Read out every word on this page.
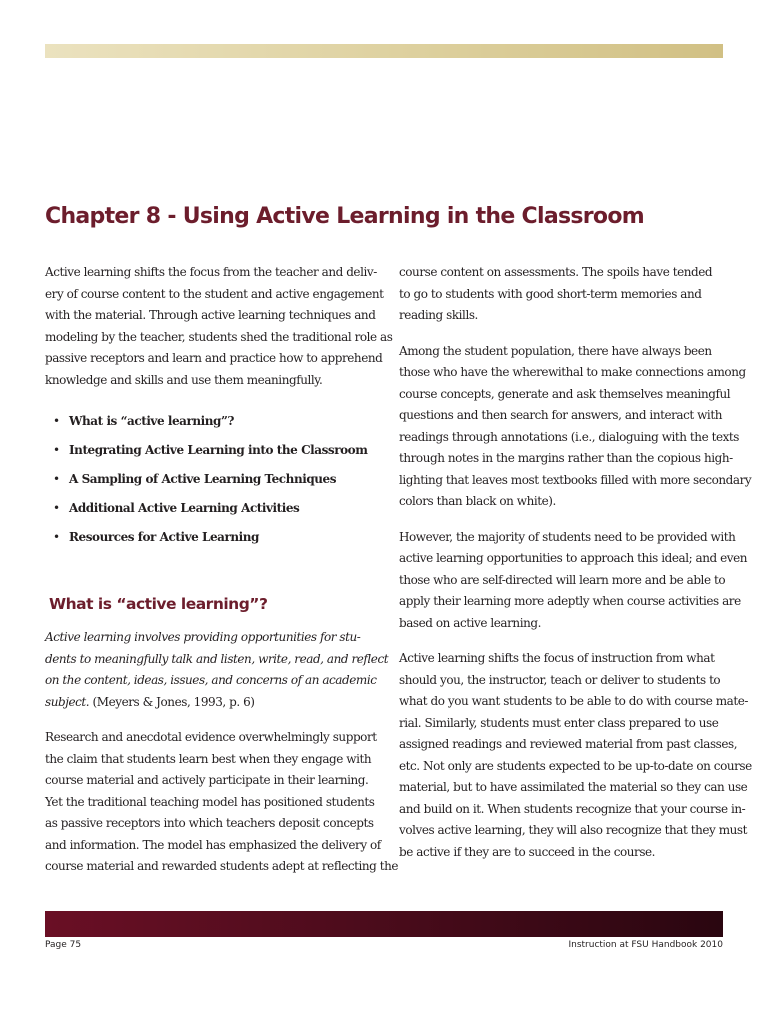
Chapter 8 - Using Active Learning in the Classroom

Active learning shifts the focus from the teacher and deliv-
ery of course content to the student and active engagement
with the material. Through active learning techniques and
modeling by the teacher, students shed the traditional role as
passive receptors and learn and practice how to apprehend
knowledge and skills and use them meaningfully.

• What is “active learning”?
• Integrating Active Learning into the Classroom
• A Sampling of Active Learning Techniques
• Additional Active Learning Activities
• Resources for Active Learning
What is “active learning”?

Active learning involves providing opportunities for stu-
dents to meaningfully talk and listen, write, read, and reflect
on the content, ideas, issues, and concerns of an academic
subject. (Meyers & Jones, 1993, p. 6)

Research and anecdotal evidence overwhelmingly support
the claim that students learn best when they engage with
course material and actively participate in their learning.
Yet the traditional teaching model has positioned students
as passive receptors into which teachers deposit concepts
and information. The model has emphasized the delivery of
course material and rewarded students adept at reflecting the

course content on assessments. The spoils have tended
to go to students with good short-term memories and
reading skills.

Among the student population, there have always been
those who have the wherewithal to make connections among
course concepts, generate and ask themselves meaningful
questions and then search for answers, and interact with
readings through annotations (i.e., dialoguing with the texts
through notes in the margins rather than the copious high-
lighting that leaves most textbooks filled with more secondary
colors than black on white).

However, the majority of students need to be provided with
active learning opportunities to approach this ideal; and even
those who are self-directed will learn more and be able to
apply their learning more adeptly when course activities are
based on active learning.

Active learning shifts the focus of instruction from what
should you, the instructor, teach or deliver to students to
what do you want students to be able to do with course mate-
rial. Similarly, students must enter class prepared to use
assigned readings and reviewed material from past classes,
etc. Not only are students expected to be up-to-date on course
material, but to have assimilated the material so they can use
and build on it. When students recognize that your course in-
volves active learning, they will also recognize that they must
be active if they are to succeed in the course.

Page 75	Instruction at FSU Handbook 2010
